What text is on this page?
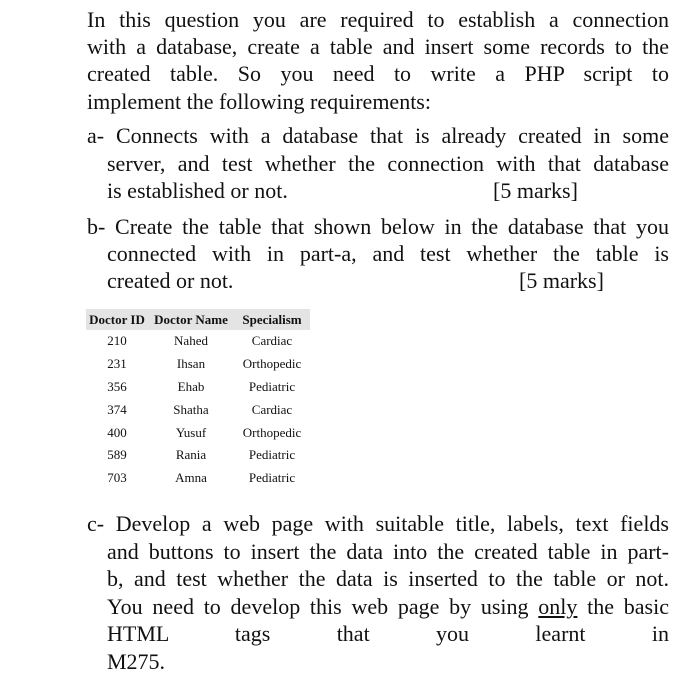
In this question you are required to establish a connection
with a database, create a table and insert some records to the
created table. So you need to write a PHP script to
implement the following requirements:
a- Connects with a database that is already created in some
server, and test whether the connection with that database
is established or not.	[5 marks]
b- Create the table that shown below in the database that you
connected with in part-a, and test whether the table is
created or not.	[5 marks]
Doctor ID	Doctor Name	Specialism
210	Nahed	Cardiac
231	Ihsan	Orthopedic
356	Ehab	Pediatric
374	Shatha	Cardiac
400	Yusuf	Orthopedic
589	Rania	Pediatric
703	Amna	Pediatric
c- Develop a web page with suitable title, labels, text fields
and buttons to insert the data into the created table in part-
b, and test whether the data is inserted to the table or not.
You need to develop this web page by using only the basic
HTML tags that you learnt in
M275.
